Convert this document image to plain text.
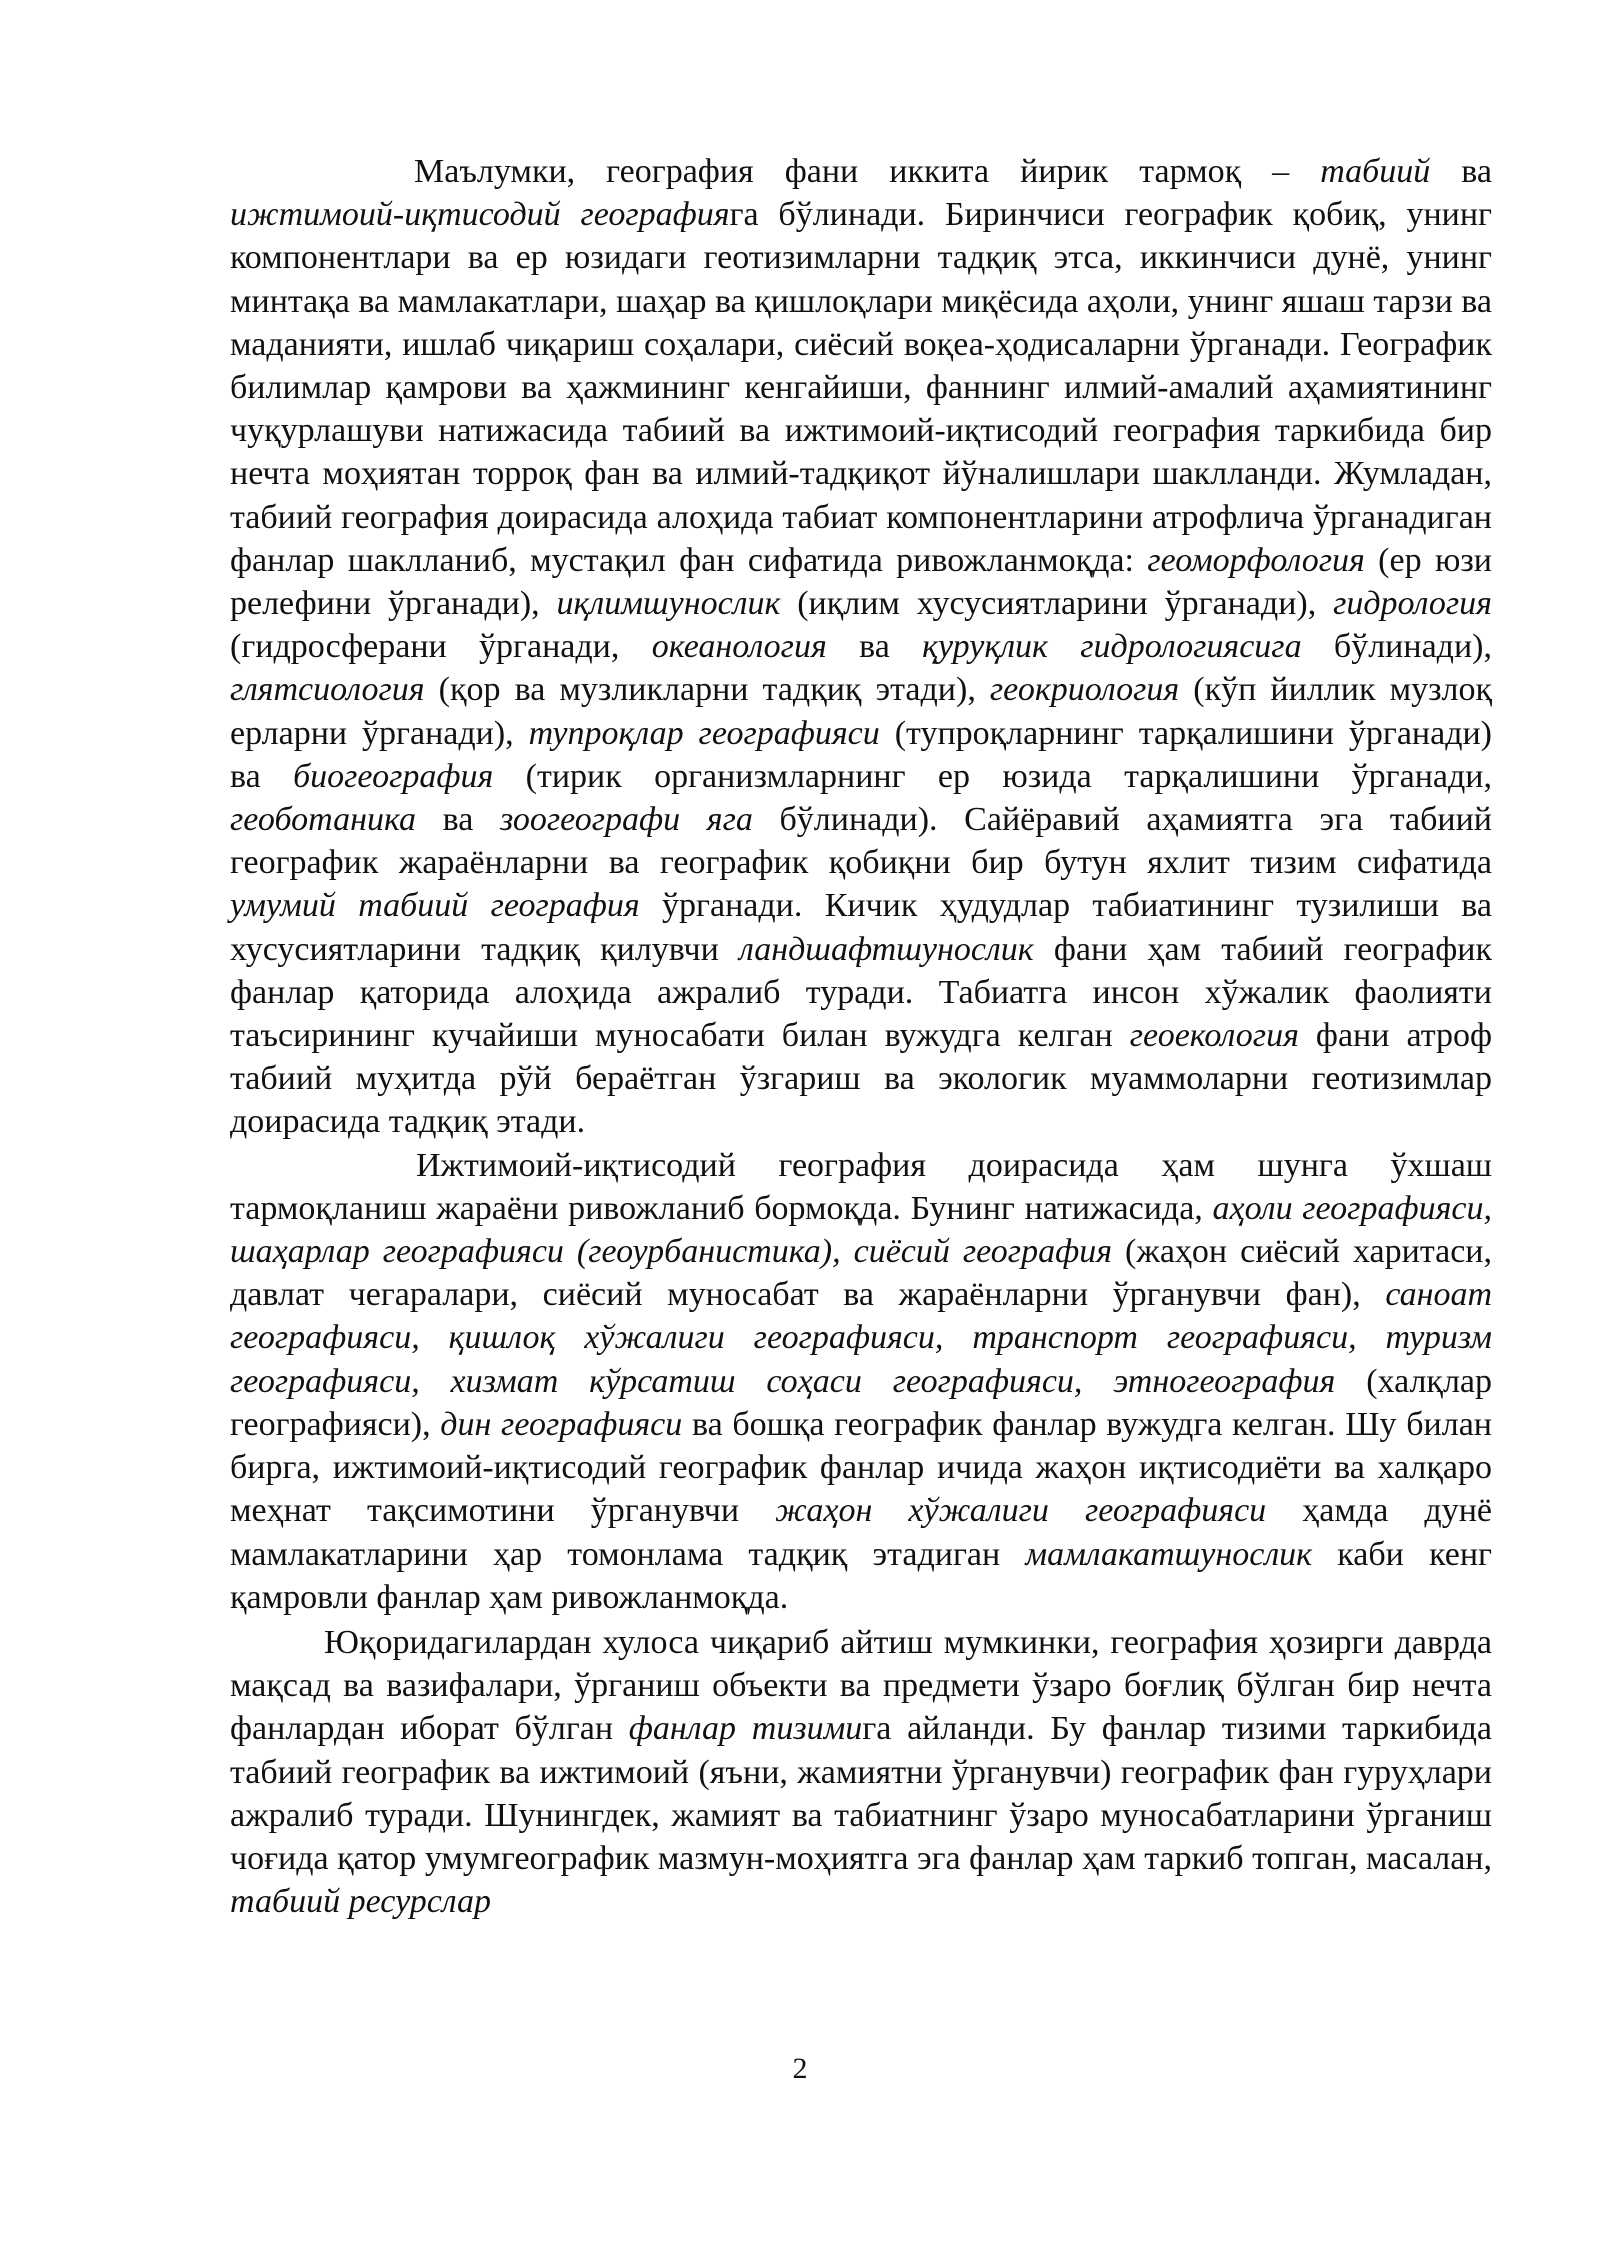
Маълумки, география фани иккита йирик тармоқ – табиий ва ижтимоий-иқтисодий географияга бўлинади. Биринчиси географик қобиқ, унинг компонентлари ва ер юзидаги геотизимларни тадқиқ этса, иккинчиси дунё, унинг минтақа ва мамлакатлари, шаҳар ва қишлоқлари миқёсида аҳоли, унинг яшаш тарзи ва маданияти, ишлаб чиқариш соҳалари, сиёсий воқеа-ҳодисаларни ўрганади. Географик билимлар қамрови ва ҳажмининг кенгайиши, фаннинг илмий-амалий аҳамиятининг чуқурлашуви натижасида табиий ва ижтимоий-иқтисодий география таркибида бир нечта моҳиятан торроқ фан ва илмий-тадқиқот йўналишлари шаклланди. Жумладан, табиий география доирасида алоҳида табиат компонентларини атрофлича ўрганадиган фанлар шаклланиб, мустақил фан сифатида ривожланмоқда: геоморфология (ер юзи релефини ўрганади), иқлимшунослик (иқлим хусусиятларини ўрганади), гидрология (гидросферани ўрганади, океанология ва қуруқлик гидрологиясига бўлинади), глятсиология (қор ва музликларни тадқиқ этади), геокриология (кўп йиллик музлоқ ерларни ўрганади), тупроқлар географияси (тупроқларнинг тарқалишини ўрганади) ва биогеография (тирик организмларнинг ер юзида тарқалишини ўрганади, геоботаника ва зоогеографи яга бўлинади). Сайёравий аҳамиятга эга табиий географик жараёнларни ва географик қобиқни бир бутун яхлит тизим сифатида умумий табиий география ўрганади. Кичик ҳудудлар табиатининг тузилиши ва хусусиятларини тадқиқ қилувчи ландшафтшунослик фани ҳам табиий географик фанлар қаторида алоҳида ажралиб туради. Табиатга инсон хўжалик фаолияти таъсирининг кучайиши муносабати билан вужудга келган геоекология фани атроф табиий муҳитда рўй бераётган ўзгариш ва экологик муаммоларни геотизимлар доирасида тадқиқ этади.

Ижтимоий-иқтисодий география доирасида ҳам шунга ўхшаш тармоқланиш жараёни ривожланиб бормоқда. Бунинг натижасида, аҳоли географияси, шаҳарлар географияси (геоурбанистика), сиёсий география (жаҳон сиёсий харитаси, давлат чегаралари, сиёсий муносабат ва жараёнларни ўрганувчи фан), саноат географияси, қишлоқ хўжалиги географияси, транспорт географияси, туризм географияси, хизмат кўрсатиш соҳаси географияси, этногеография (халқлар географияси), дин географияси ва бошқа географик фанлар вужудга келган. Шу билан бирга, ижтимоий-иқтисодий географик фанлар ичида жаҳон иқтисодиёти ва халқаро меҳнат тақсимотини ўрганувчи жаҳон хўжалиги географияси ҳамда дунё мамлакатларини ҳар томонлама тадқиқ этадиган мамлакатшунослик каби кенг қамровли фанлар ҳам ривожланмоқда.

Юқоридагилардан хулоса чиқариб айтиш мумкинки, география ҳозирги даврда мақсад ва вазифалари, ўрганиш объекти ва предмети ўзаро боғлиқ бўлган бир нечта фанлардан иборат бўлган фанлар тизимига айланди. Бу фанлар тизими таркибида табиий географик ва ижтимоий (яъни, жамиятни ўрганувчи) географик фан гуруҳлари ажралиб туради. Шунингдек, жамият ва табиатнинг ўзаро муносабатларини ўрганиш чоғида қатор умумгеографик мазмун-моҳиятга эга фанлар ҳам таркиб топган, масалан, табиий ресурслар

2
